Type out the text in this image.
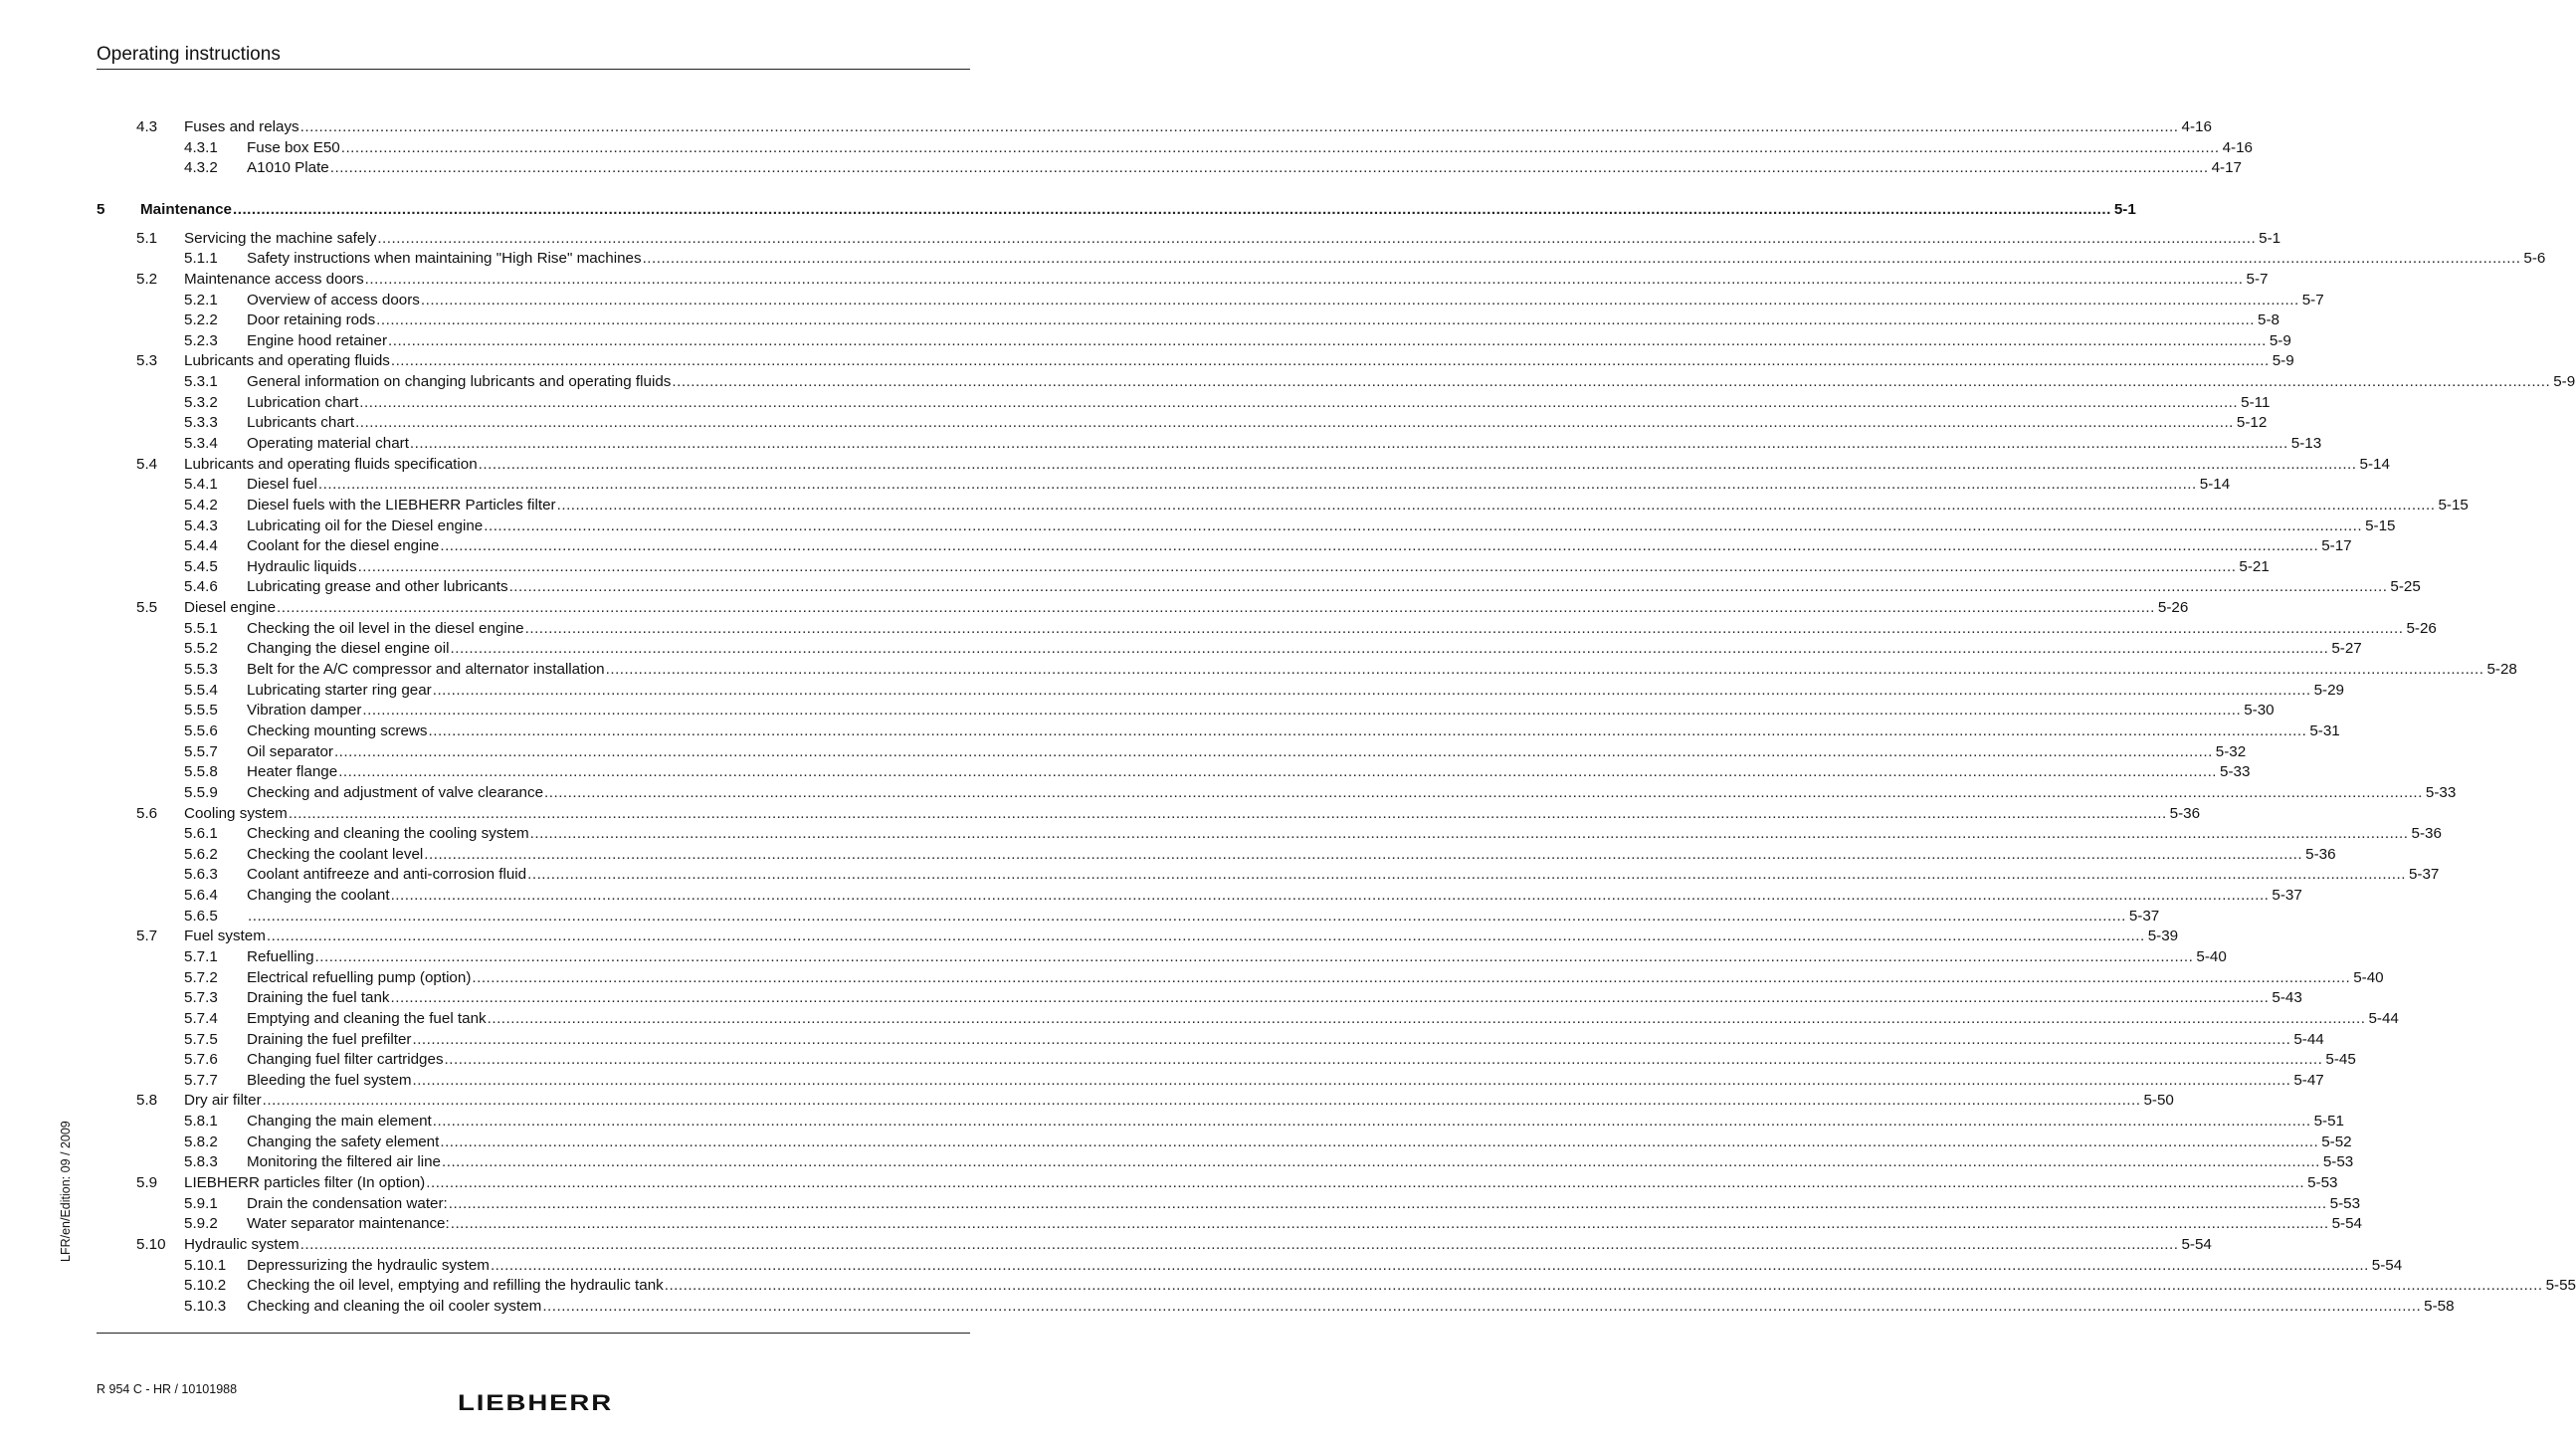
Operating instructions
4.3 Fuses and relays ................................................................................................................................................................................................................................................................................................................................................................................................................ 4-16
4.3.1 Fuse box E50 ................................................................................................................................................................................................................................................................................................................................................................................................................ 4-16
4.3.2 A1010 Plate ................................................................................................................................................................................................................................................................................................................................................................................................................ 4-17
5 Maintenance ................................................................................................................................................................................................................................................................................................................................................................................................................ 5-1
5.1 Servicing the machine safely ................................................................................................................................................................................................................................................................................................................................................................................................................ 5-1
5.1.1 Safety instructions when maintaining "High Rise" machines ................................................................................................................................................................................................................................................................................................................................................................................................................ 5-6
5.2 Maintenance access doors ................................................................................................................................................................................................................................................................................................................................................................................................................ 5-7
5.2.1 Overview of access doors ................................................................................................................................................................................................................................................................................................................................................................................................................ 5-7
5.2.2 Door retaining rods ................................................................................................................................................................................................................................................................................................................................................................................................................ 5-8
5.2.3 Engine hood retainer ................................................................................................................................................................................................................................................................................................................................................................................................................ 5-9
5.3 Lubricants and operating fluids ................................................................................................................................................................................................................................................................................................................................................................................................................ 5-9
5.3.1 General information on changing lubricants and operating fluids ................................................................................................................................................................................................................................................................................................................................................................................................................ 5-9
5.3.2 Lubrication chart ................................................................................................................................................................................................................................................................................................................................................................................................................ 5-11
5.3.3 Lubricants chart ................................................................................................................................................................................................................................................................................................................................................................................................................ 5-12
5.3.4 Operating material chart ................................................................................................................................................................................................................................................................................................................................................................................................................ 5-13
5.4 Lubricants and operating fluids specification ................................................................................................................................................................................................................................................................................................................................................................................................................ 5-14
5.4.1 Diesel fuel ................................................................................................................................................................................................................................................................................................................................................................................................................ 5-14
5.4.2 Diesel fuels with the LIEBHERR Particles filter ................................................................................................................................................................................................................................................................................................................................................................................................................ 5-15
5.4.3 Lubricating oil for the Diesel engine ................................................................................................................................................................................................................................................................................................................................................................................................................ 5-15
5.4.4 Coolant for the diesel engine ................................................................................................................................................................................................................................................................................................................................................................................................................ 5-17
5.4.5 Hydraulic liquids ................................................................................................................................................................................................................................................................................................................................................................................................................ 5-21
5.4.6 Lubricating grease and other lubricants ................................................................................................................................................................................................................................................................................................................................................................................................................ 5-25
5.5 Diesel engine ................................................................................................................................................................................................................................................................................................................................................................................................................ 5-26
5.5.1 Checking the oil level in the diesel engine ................................................................................................................................................................................................................................................................................................................................................................................................................ 5-26
5.5.2 Changing the diesel engine oil ................................................................................................................................................................................................................................................................................................................................................................................................................ 5-27
5.5.3 Belt for the A/C compressor and alternator installation ................................................................................................................................................................................................................................................................................................................................................................................................................ 5-28
5.5.4 Lubricating starter ring gear ................................................................................................................................................................................................................................................................................................................................................................................................................ 5-29
5.5.5 Vibration damper ................................................................................................................................................................................................................................................................................................................................................................................................................ 5-30
5.5.6 Checking mounting screws ................................................................................................................................................................................................................................................................................................................................................................................................................ 5-31
5.5.7 Oil separator ................................................................................................................................................................................................................................................................................................................................................................................................................ 5-32
5.5.8 Heater flange ................................................................................................................................................................................................................................................................................................................................................................................................................ 5-33
5.5.9 Checking and adjustment of valve clearance ................................................................................................................................................................................................................................................................................................................................................................................................................ 5-33
5.6 Cooling system ................................................................................................................................................................................................................................................................................................................................................................................................................ 5-36
5.6.1 Checking and cleaning the cooling system ................................................................................................................................................................................................................................................................................................................................................................................................................ 5-36
5.6.2 Checking the coolant level ................................................................................................................................................................................................................................................................................................................................................................................................................ 5-36
5.6.3 Coolant antifreeze and anti-corrosion fluid ................................................................................................................................................................................................................................................................................................................................................................................................................ 5-37
5.6.4 Changing the coolant ................................................................................................................................................................................................................................................................................................................................................................................................................ 5-37
5.6.5 ................................................................................................................................................................................................................................................................................................................................................................................................................ 5-37
5.7 Fuel system ................................................................................................................................................................................................................................................................................................................................................................................................................ 5-39
5.7.1 Refuelling ................................................................................................................................................................................................................................................................................................................................................................................................................ 5-40
5.7.2 Electrical refuelling pump (option) ................................................................................................................................................................................................................................................................................................................................................................................................................ 5-40
5.7.3 Draining the fuel tank ................................................................................................................................................................................................................................................................................................................................................................................................................ 5-43
5.7.4 Emptying and cleaning the fuel tank ................................................................................................................................................................................................................................................................................................................................................................................................................ 5-44
5.7.5 Draining the fuel prefilter ................................................................................................................................................................................................................................................................................................................................................................................................................ 5-44
5.7.6 Changing fuel filter cartridges ................................................................................................................................................................................................................................................................................................................................................................................................................ 5-45
5.7.7 Bleeding the fuel system ................................................................................................................................................................................................................................................................................................................................................................................................................ 5-47
5.8 Dry air filter ................................................................................................................................................................................................................................................................................................................................................................................................................ 5-50
5.8.1 Changing the main element ................................................................................................................................................................................................................................................................................................................................................................................................................ 5-51
5.8.2 Changing the safety element ................................................................................................................................................................................................................................................................................................................................................................................................................ 5-52
5.8.3 Monitoring the filtered air line ................................................................................................................................................................................................................................................................................................................................................................................................................ 5-53
5.9 LIEBHERR particles filter (In option) ................................................................................................................................................................................................................................................................................................................................................................................................................ 5-53
5.9.1 Drain the condensation water: ................................................................................................................................................................................................................................................................................................................................................................................................................ 5-53
5.9.2 Water separator maintenance: ................................................................................................................................................................................................................................................................................................................................................................................................................ 5-54
5.10 Hydraulic system ................................................................................................................................................................................................................................................................................................................................................................................................................ 5-54
5.10.1 Depressurizing the hydraulic system ................................................................................................................................................................................................................................................................................................................................................................................................................ 5-54
5.10.2 Checking the oil level, emptying and refilling the hydraulic tank ................................................................................................................................................................................................................................................................................................................................................................................................................ 5-55
5.10.3 Checking and cleaning the oil cooler system ................................................................................................................................................................................................................................................................................................................................................................................................................ 5-58
LFR/en/Edition: 09 / 2009
R 954 C - HR / 10101988
LIEBHERR
